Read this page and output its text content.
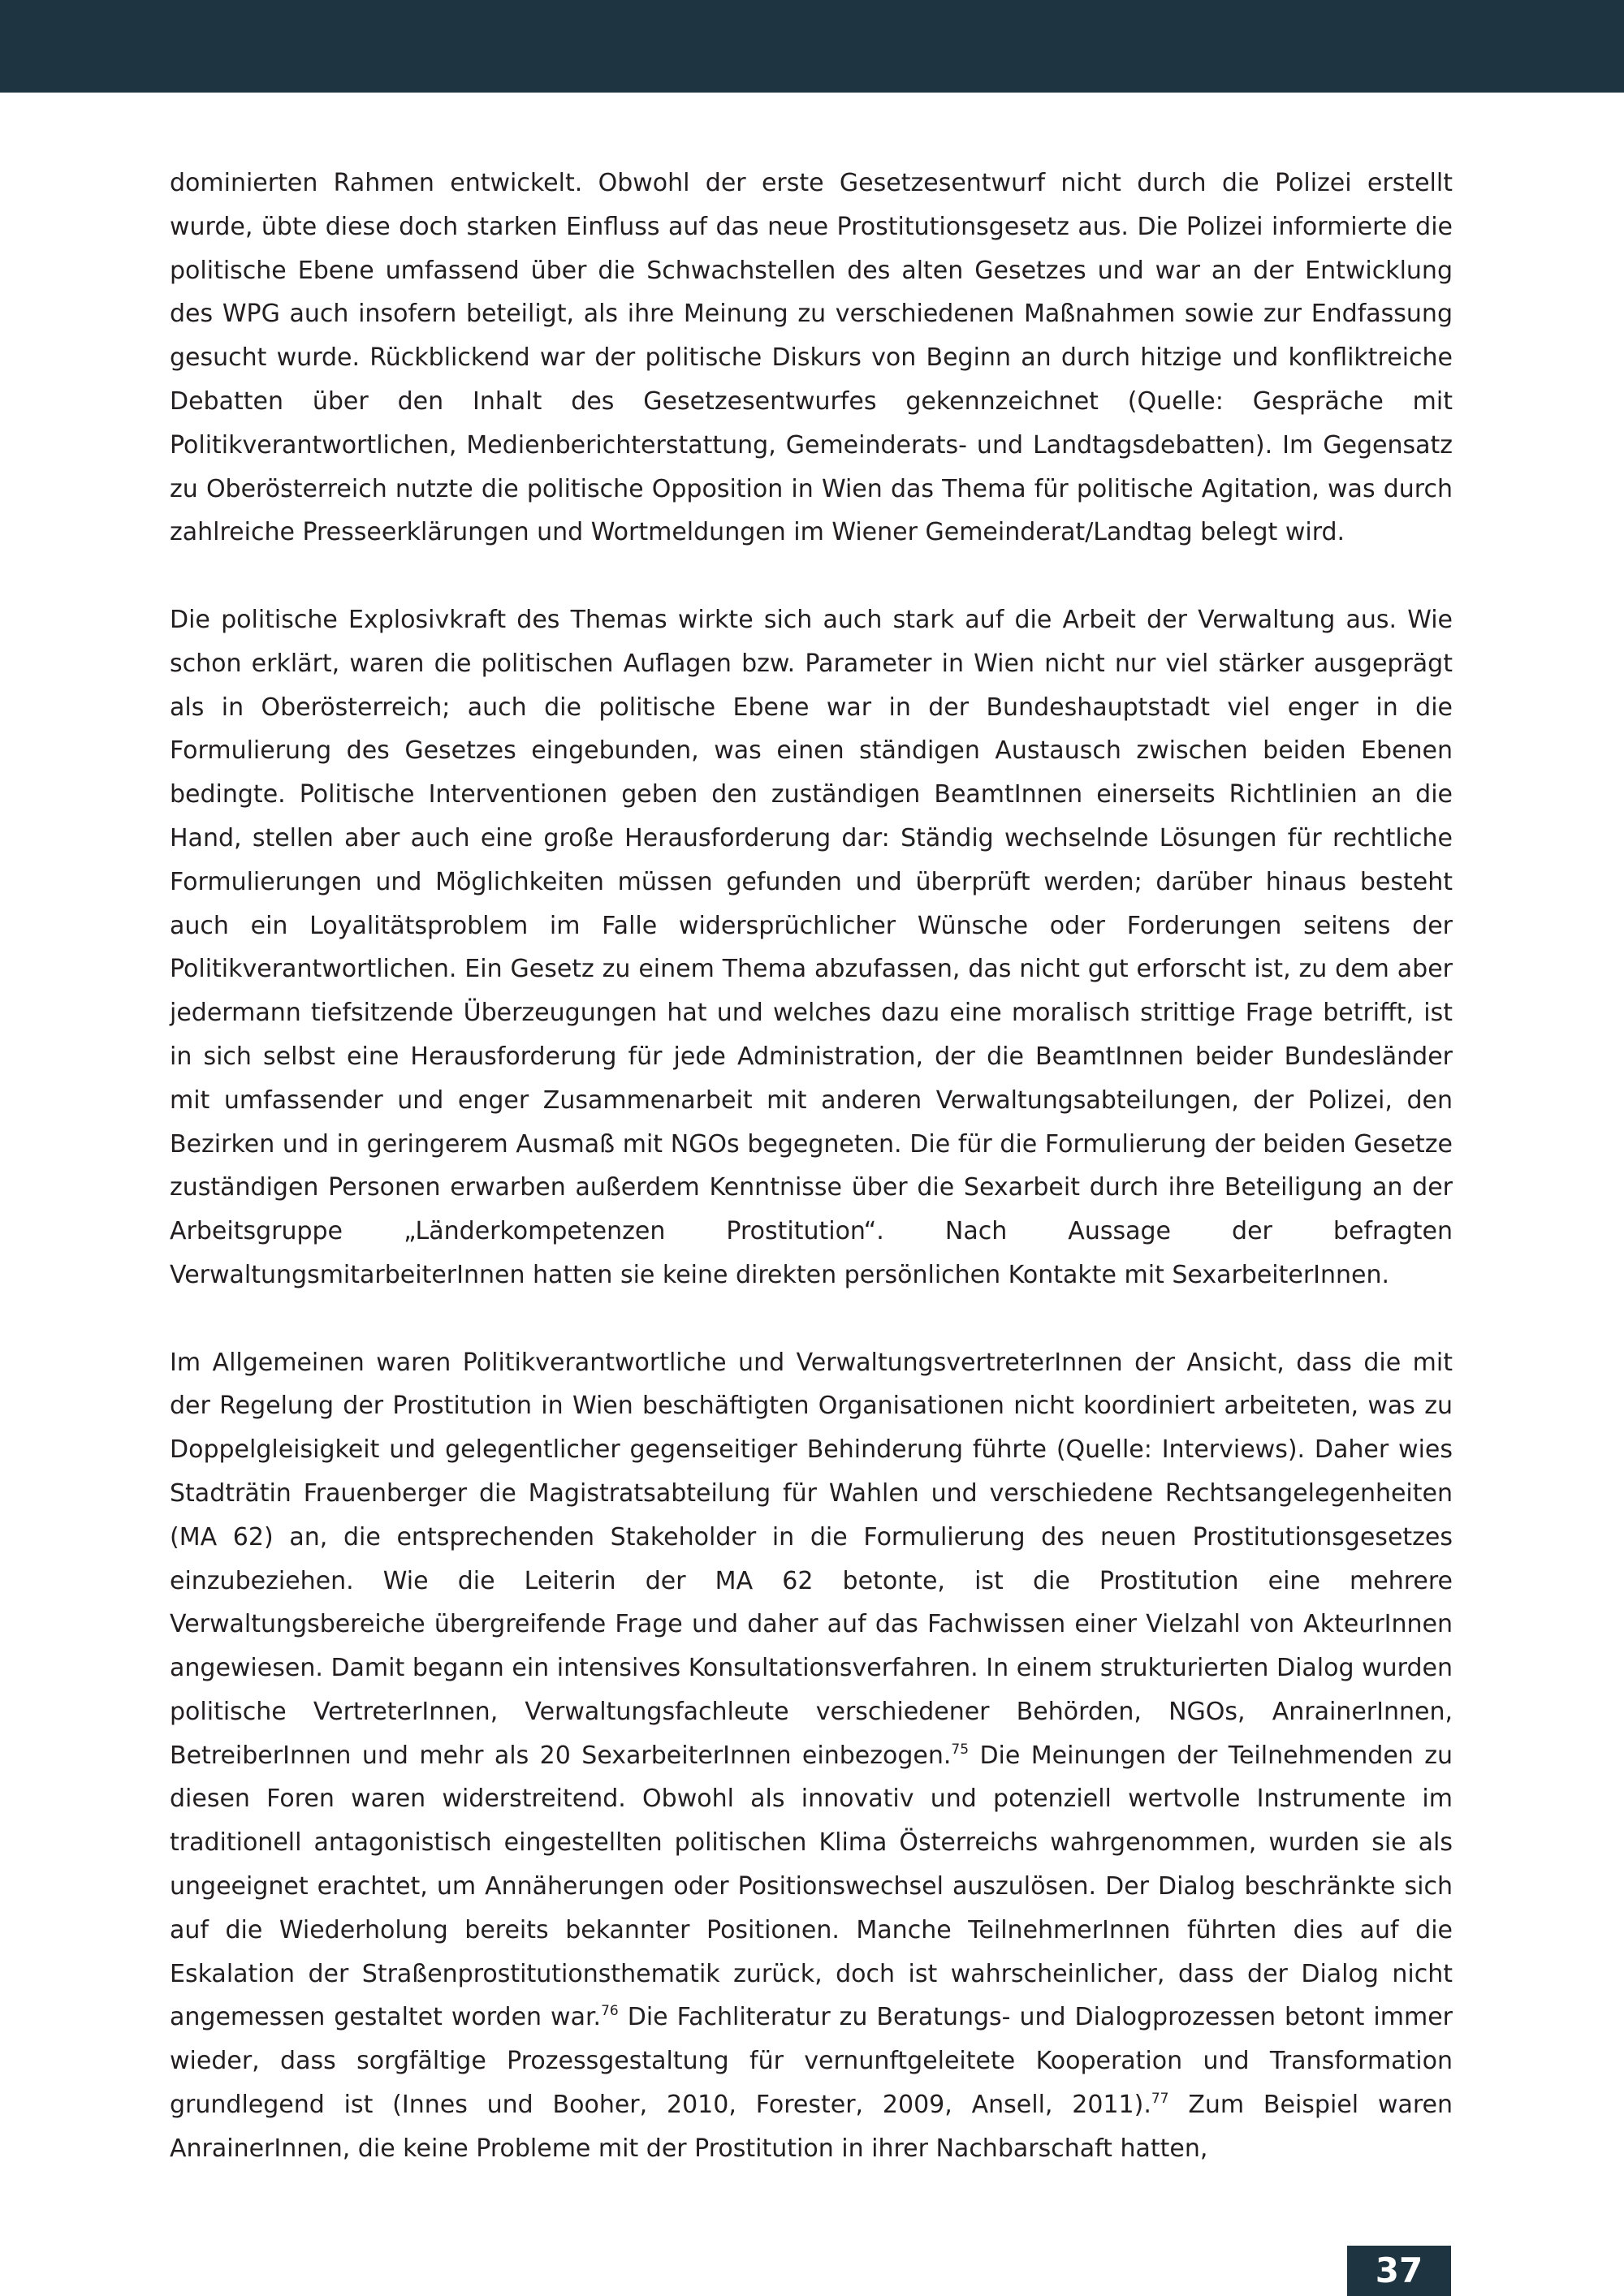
dominierten Rahmen entwickelt. Obwohl der erste Gesetzesentwurf nicht durch die Polizei erstellt wurde, übte diese doch starken Einfluss auf das neue Prostitutionsgesetz aus. Die Polizei informierte die politische Ebene umfassend über die Schwachstellen des alten Gesetzes und war an der Entwicklung des WPG auch insofern beteiligt, als ihre Meinung zu verschiedenen Maßnahmen sowie zur Endfassung gesucht wurde. Rückblickend war der politische Diskurs von Beginn an durch hitzige und konfliktreiche Debatten über den Inhalt des Gesetzesentwurfes gekennzeichnet (Quelle: Gespräche mit Politikverantwortlichen, Medienberichterstattung, Gemeinderats- und Landtagsdebatten). Im Gegensatz zu Oberösterreich nutzte die politische Opposition in Wien das Thema für politische Agitation, was durch zahlreiche Presseerklärungen und Wortmeldungen im Wiener Gemeinderat/Landtag belegt wird.

Die politische Explosivkraft des Themas wirkte sich auch stark auf die Arbeit der Verwaltung aus. Wie schon erklärt, waren die politischen Auflagen bzw. Parameter in Wien nicht nur viel stärker ausgeprägt als in Oberösterreich; auch die politische Ebene war in der Bundeshauptstadt viel enger in die Formulierung des Gesetzes eingebunden, was einen ständigen Austausch zwischen beiden Ebenen bedingte. Politische Interventionen geben den zuständigen BeamtInnen einerseits Richtlinien an die Hand, stellen aber auch eine große Herausforderung dar: Ständig wechselnde Lösungen für rechtliche Formulierungen und Möglichkeiten müssen gefunden und überprüft werden; darüber hinaus besteht auch ein Loyalitätsproblem im Falle widersprüchlicher Wünsche oder Forderungen seitens der Politikverantwortlichen. Ein Gesetz zu einem Thema abzufassen, das nicht gut erforscht ist, zu dem aber jedermann tiefsitzende Überzeugungen hat und welches dazu eine moralisch strittige Frage betrifft, ist in sich selbst eine Herausforderung für jede Administration, der die BeamtInnen beider Bundesländer mit umfassender und enger Zusammenarbeit mit anderen Verwaltungsabteilungen, der Polizei, den Bezirken und in geringerem Ausmaß mit NGOs begegneten. Die für die Formulierung der beiden Gesetze zuständigen Personen erwarben außerdem Kenntnisse über die Sexarbeit durch ihre Beteiligung an der Arbeitsgruppe „Länderkompetenzen Prostitution“. Nach Aussage der befragten VerwaltungsmitarbeiterInnen hatten sie keine direkten persönlichen Kontakte mit SexarbeiterInnen.

Im Allgemeinen waren Politikverantwortliche und VerwaltungsvertreterInnen der Ansicht, dass die mit der Regelung der Prostitution in Wien beschäftigten Organisationen nicht koordiniert arbeiteten, was zu Doppelgleisigkeit und gelegentlicher gegenseitiger Behinderung führte (Quelle: Interviews). Daher wies Stadträtin Frauenberger die Magistratsabteilung für Wahlen und verschiedene Rechtsangelegenheiten (MA 62) an, die entsprechenden Stakeholder in die Formulierung des neuen Prostitutionsgesetzes einzubeziehen. Wie die Leiterin der MA 62 betonte, ist die Prostitution eine mehrere Verwaltungsbereiche übergreifende Frage und daher auf das Fachwissen einer Vielzahl von AkteurInnen angewiesen. Damit begann ein intensives Konsultationsverfahren. In einem strukturierten Dialog wurden politische VertreterInnen, Verwaltungsfachleute verschiedener Behörden, NGOs, AnrainerInnen, BetreiberInnen und mehr als 20 SexarbeiterInnen einbezogen.$^{75}$ Die Meinungen der Teilnehmenden zu diesen Foren waren widerstreitend. Obwohl als innovativ und potenziell wertvolle Instrumente im traditionell antagonistisch eingestellten politischen Klima Österreichs wahrgenommen, wurden sie als ungeeignet erachtet, um Annäherungen oder Positionswechsel auszulösen. Der Dialog beschränkte sich auf die Wiederholung bereits bekannter Positionen. Manche TeilnehmerInnen führten dies auf die Eskalation der Straßenprostitutionsthematik zurück, doch ist wahrscheinlicher, dass der Dialog nicht angemessen gestaltet worden war.$^{76}$ Die Fachliteratur zu Beratungs- und Dialogprozessen betont immer wieder, dass sorgfältige Prozessgestaltung für vernunftgeleitete Kooperation und Transformation grundlegend ist (Innes und Booher, 2010, Forester, 2009, Ansell, 2011).$^{77}$ Zum Beispiel waren AnrainerInnen, die keine Probleme mit der Prostitution in ihrer Nachbarschaft hatten,

37
